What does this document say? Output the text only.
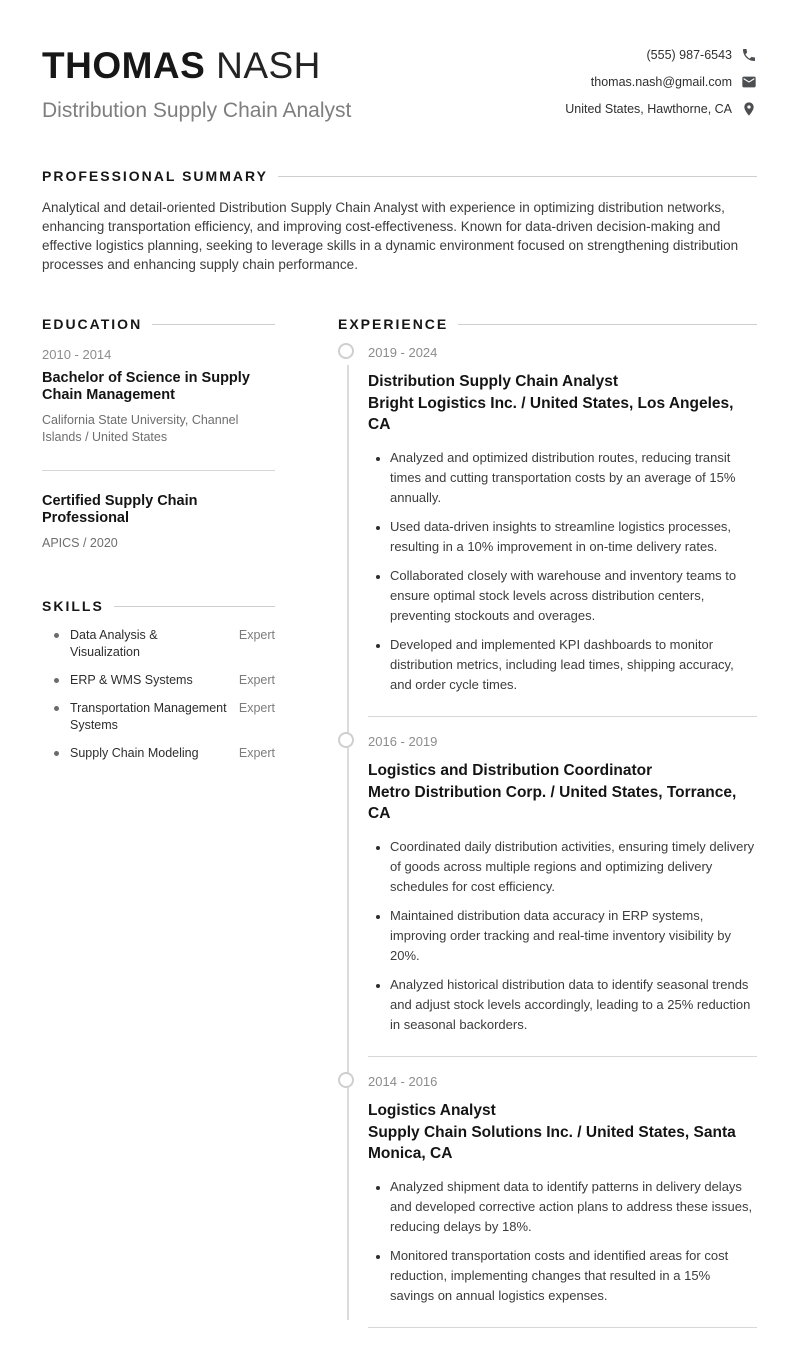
THOMAS NASH
Distribution Supply Chain Analyst
(555) 987-6543
thomas.nash@gmail.com
United States, Hawthorne, CA
PROFESSIONAL SUMMARY

Analytical and detail-oriented Distribution Supply Chain Analyst with experience in optimizing distribution networks, enhancing transportation efficiency, and improving cost-effectiveness. Known for data-driven decision-making and effective logistics planning, seeking to leverage skills in a dynamic environment focused on strengthening distribution processes and enhancing supply chain performance.

EDUCATION
2010 - 2014
Bachelor of Science in Supply Chain Management
California State University, Channel Islands / United States
Certified Supply Chain Professional
APICS / 2020
SKILLS
Data Analysis & Visualization
Expert
ERP & WMS Systems	Expert
Transportation Management Systems
Expert
Supply Chain Modeling	Expert
EXPERIENCE
2019 - 2024
Distribution Supply Chain Analyst
Bright Logistics Inc. / United States, Los Angeles, CA
• Analyzed and optimized distribution routes, reducing transit times and cutting transportation costs by an average of 15% annually.
• Used data-driven insights to streamline logistics processes, resulting in a 10% improvement in on-time delivery rates.
• Collaborated closely with warehouse and inventory teams to ensure optimal stock levels across distribution centers, preventing stockouts and overages.
• Developed and implemented KPI dashboards to monitor distribution metrics, including lead times, shipping accuracy, and order cycle times.
2016 - 2019
Logistics and Distribution Coordinator
Metro Distribution Corp. / United States, Torrance, CA
• Coordinated daily distribution activities, ensuring timely delivery of goods across multiple regions and optimizing delivery schedules for cost efficiency.
• Maintained distribution data accuracy in ERP systems, improving order tracking and real-time inventory visibility by 20%.
• Analyzed historical distribution data to identify seasonal trends and adjust stock levels accordingly, leading to a 25% reduction in seasonal backorders.
2014 - 2016
Logistics Analyst
Supply Chain Solutions Inc. / United States, Santa Monica, CA
• Analyzed shipment data to identify patterns in delivery delays and developed corrective action plans to address these issues, reducing delays by 18%.
• Monitored transportation costs and identified areas for cost reduction, implementing changes that resulted in a 15% savings on annual logistics expenses.
